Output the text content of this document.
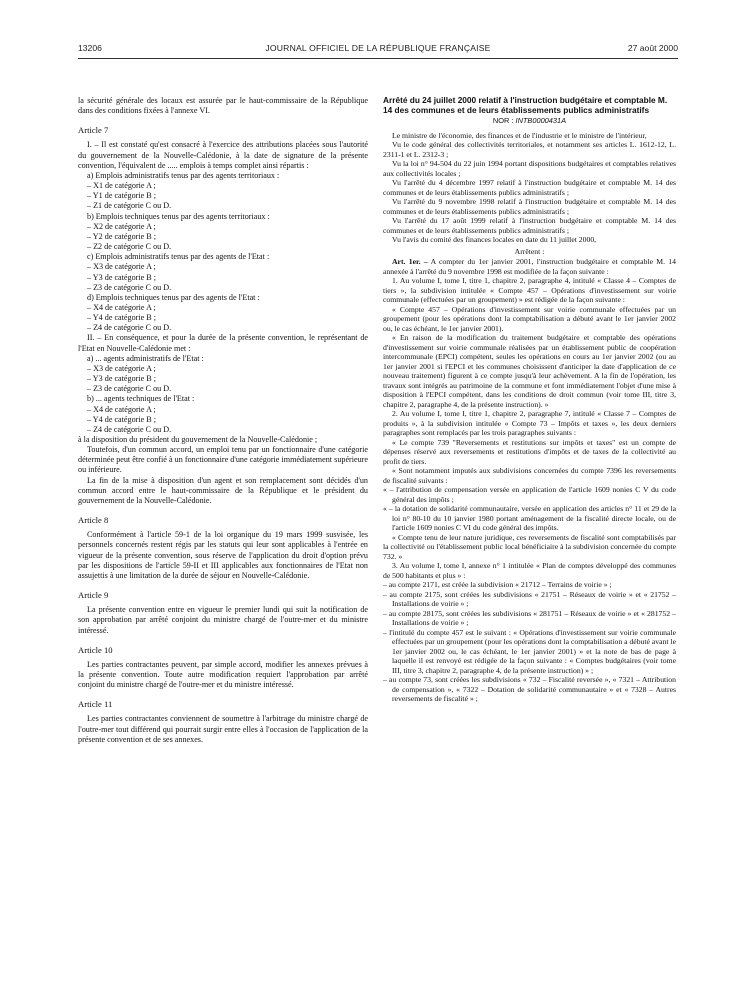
13206	JOURNAL OFFICIEL DE LA RÉPUBLIQUE FRANÇAISE	27 août 2000

la sécurité générale des locaux est assurée par le haut-commissaire de la République dans des conditions fixées à l'annexe VI.

Article 7

I. – Il est constaté qu'est consacré à l'exercice des attributions placées sous l'autorité du gouvernement de la Nouvelle-Calédonie, à la date de signature de la présente convention, l'équivalent de ..... emplois à temps complet ainsi répartis :

a) Emplois administratifs tenus par des agents territoriaux :

– X1 de catégorie A ;

– Y1 de catégorie B ;

– Z1 de catégorie C ou D.

b) Emplois techniques tenus par des agents territoriaux :

– X2 de catégorie A ;

– Y2 de catégorie B ;

– Z2 de catégorie C ou D.

c) Emplois administratifs tenus par des agents de l'Etat :

– X3 de catégorie A ;

– Y3 de catégorie B ;

– Z3 de catégorie C ou D.

d) Emplois techniques tenus par des agents de l'Etat :

– X4 de catégorie A ;

– Y4 de catégorie B ;

– Z4 de catégorie C ou D.

II. – En conséquence, et pour la durée de la présente convention, le représentant de l'Etat en Nouvelle-Calédonie met :

a) ... agents administratifs de l'Etat :

– X3 de catégorie A ;

– Y3 de catégorie B ;

– Z3 de catégorie C ou D.

b) ... agents techniques de l'Etat :

– X4 de catégorie A ;

– Y4 de catégorie B ;

– Z4 de catégorie C ou D.

à la disposition du président du gouvernement de la Nouvelle-Calédonie ;

Toutefois, d'un commun accord, un emploi tenu par un fonctionnaire d'une catégorie déterminée peut être confié à un fonctionnaire d'une catégorie immédiatement supérieure ou inférieure.

La fin de la mise à disposition d'un agent et son remplacement sont décidés d'un commun accord entre le haut-commissaire de la République et le président du gouvernement de la Nouvelle-Calédonie.

Article 8

Conformément à l'article 59-1 de la loi organique du 19 mars 1999 susvisée, les personnels concernés restent régis par les statuts qui leur sont applicables à l'entrée en vigueur de la présente convention, sous réserve de l'application du droit d'option prévu par les dispositions de l'article 59-II et III applicables aux fonctionnaires de l'Etat non assujettis à une limitation de la durée de séjour en Nouvelle-Calédonie.

Article 9

La présente convention entre en vigueur le premier lundi qui suit la notification de son approbation par arrêté conjoint du ministre chargé de l'outre-mer et du ministre intéressé.

Article 10

Les parties contractantes peuvent, par simple accord, modifier les annexes prévues à la présente convention. Toute autre modification requiert l'approbation par arrêté conjoint du ministre chargé de l'outre-mer et du ministre intéressé.

Article 11

Les parties contractantes conviennent de soumettre à l'arbitrage du ministre chargé de l'outre-mer tout différend qui pourrait surgir entre elles à l'occasion de l'application de la présente convention et de ses annexes.

Arrêté du 24 juillet 2000 relatif à l'instruction budgétaire et comptable M. 14 des communes et de leurs établissements publics administratifs

NOR : INTB0000431A

Le ministre de l'économie, des finances et de l'industrie et le ministre de l'intérieur,

Vu le code général des collectivités territoriales, et notamment ses articles L. 1612-12, L. 2311-1 et L. 2312-3 ;

Vu la loi n° 94-504 du 22 juin 1994 portant dispositions budgétaires et comptables relatives aux collectivités locales ;

Vu l'arrêté du 4 décembre 1997 relatif à l'instruction budgétaire et comptable M. 14 des communes et de leurs établissements publics administratifs ;

Vu l'arrêté du 9 novembre 1998 relatif à l'instruction budgétaire et comptable M. 14 des communes et de leurs établissements publics administratifs ;

Vu l'arrêté du 17 août 1999 relatif à l'instruction budgétaire et comptable M. 14 des communes et de leurs établissements publics administratifs ;

Vu l'avis du comité des finances locales en date du 11 juillet 2000,

Arrêtent :

Art. 1er. – A compter du 1er janvier 2001, l'instruction budgétaire et comptable M. 14 annexée à l'arrêté du 9 novembre 1998 est modifiée de la façon suivante :

1. Au volume I, tome I, titre 1, chapitre 2, paragraphe 4, intitulé « Classe 4 – Comptes de tiers », la subdivision intitulée « Compte 457 – Opérations d'investissement sur voirie communale (effectuées par un groupement) » est rédigée de la façon suivante :

« Compte 457 – Opérations d'investissement sur voirie communale effectuées par un groupement (pour les opérations dont la comptabilisation a débuté avant le 1er janvier 2002 ou, le cas échéant, le 1er janvier 2001).

« En raison de la modification du traitement budgétaire et comptable des opérations d'investissement sur voirie communale réalisées par un établissement public de coopération intercommunale (EPCI) compétent, seules les opérations en cours au 1er janvier 2002 (ou au 1er janvier 2001 si l'EPCI et les communes choisissent d'anticiper la date d'application de ce nouveau traitement) figurent à ce compte jusqu'à leur achèvement. A la fin de l'opération, les travaux sont intégrés au patrimoine de la commune et font immédiatement l'objet d'une mise à disposition à l'EPCI compétent, dans les conditions de droit commun (voir tome III, titre 3, chapitre 2, paragraphe 4, de la présente instruction). »

2. Au volume I, tome I, titre 1, chapitre 2, paragraphe 7, intitulé « Classe 7 – Comptes de produits », à la subdivision intitulée « Compte 73 – Impôts et taxes », les deux derniers paragraphes sont remplacés par les trois paragraphes suivants :

« Le compte 739 "Reversements et restitutions sur impôts et taxes" est un compte de dépenses réservé aux reversements et restitutions d'impôts et de taxes de la collectivité au profit de tiers.

« Sont notamment imputés aux subdivisions concernées du compte 7396 les reversements de fiscalité suivants :

« – l'attribution de compensation versée en application de l'article 1609 nonies C V du code général des impôts ;

« – la dotation de solidarité communautaire, versée en application des articles n° 11 et 29 de la loi n° 80-10 du 10 janvier 1980 portant aménagement de la fiscalité directe locale, ou de l'article 1609 nonies C VI du code général des impôts.

« Compte tenu de leur nature juridique, ces reversements de fiscalité sont comptabilisés par la collectivité ou l'établissement public local bénéficiaire à la subdivision concernée du compte 732. »

3. Au volume I, tome I, annexe n° 1 intitulée « Plan de comptes développé des communes de 500 habitants et plus » :

– au compte 2171, est créée la subdivision « 21712 – Terrains de voirie » ;

– au compte 2175, sont créées les subdivisions « 21751 – Réseaux de voirie » et « 21752 – Installations de voirie » ;

– au compte 28175, sont créées les subdivisions « 281751 – Réseaux de voirie » et « 281752 – Installations de voirie » ;

– l'intitulé du compte 457 est le suivant : « Opérations d'investissement sur voirie communale effectuées par un groupement (pour les opérations dont la comptabilisation a débuté avant le 1er janvier 2002 ou, le cas échéant, le 1er janvier 2001) » et la note de bas de page à laquelle il est renvoyé est rédigée de la façon suivante : « Comptes budgétaires (voir tome III, titre 3, chapitre 2, paragraphe 4, de la présente instruction) » ;

– au compte 73, sont créées les subdivisions « 732 – Fiscalité reversée », « 7321 – Attribution de compensation », « 7322 – Dotation de solidarité communautaire » et « 7328 – Autres reversements de fiscalité » ;
